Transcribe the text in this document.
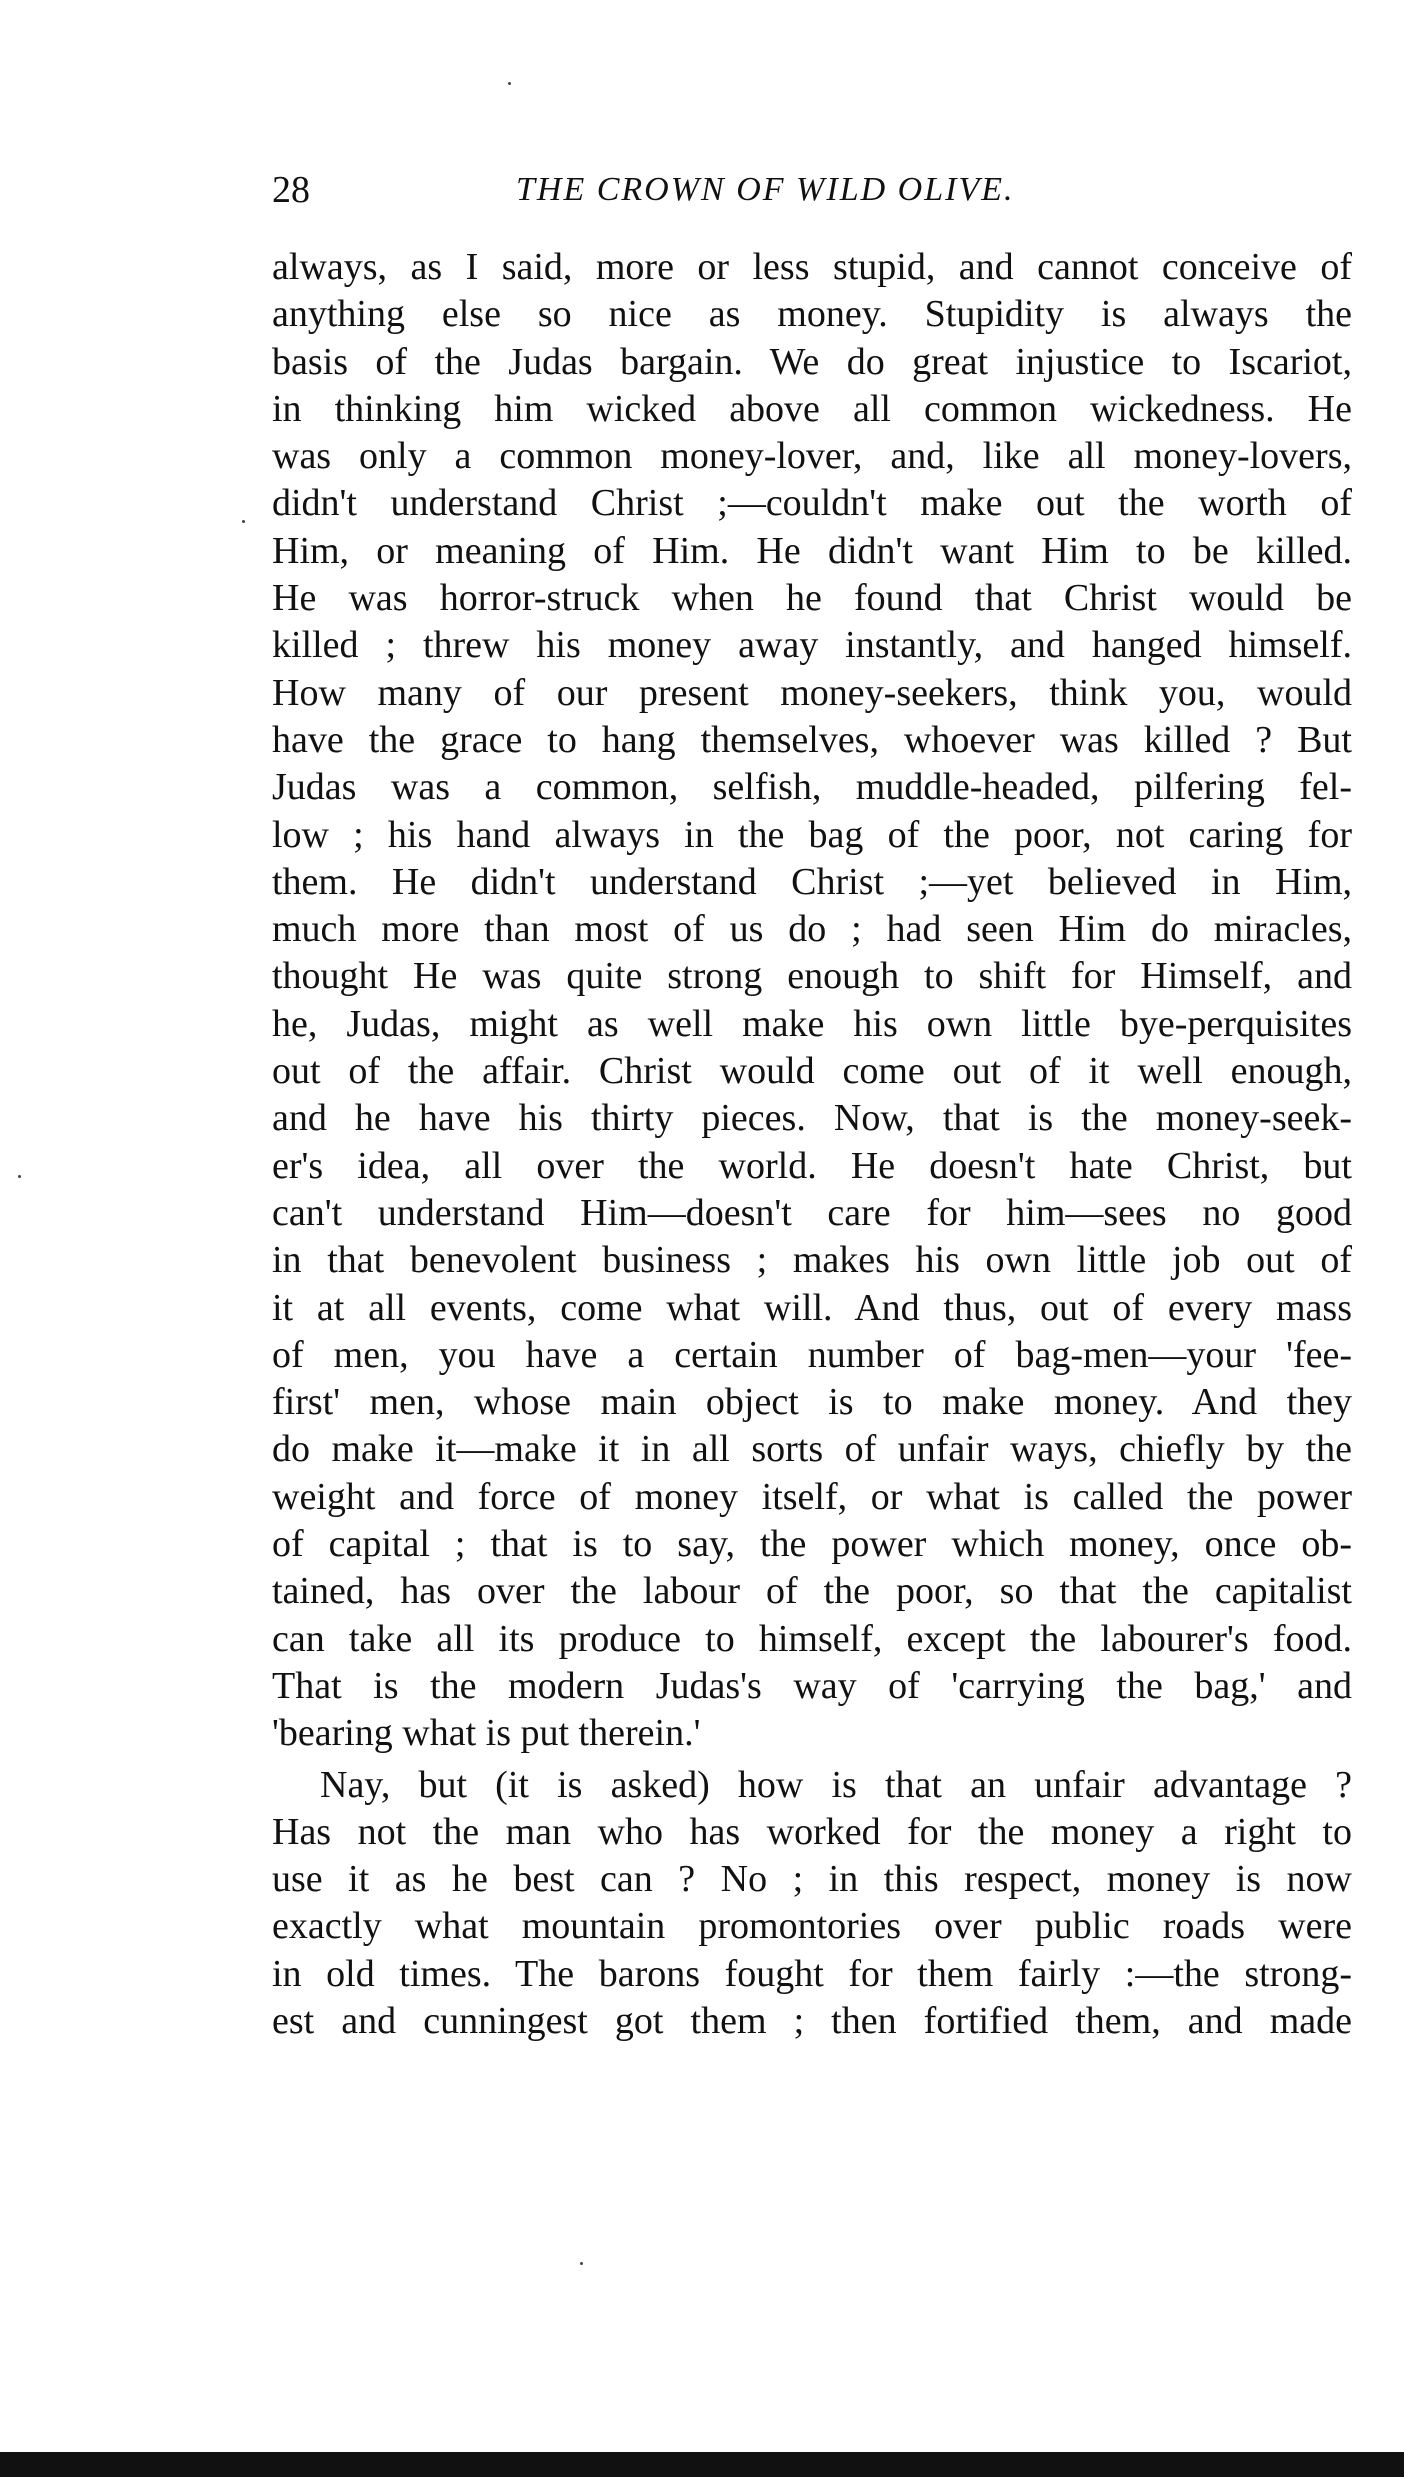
28	THE CROWN OF WILD OLIVE.
always, as I said, more or less stupid, and cannot conceive of
anything else so nice as money. Stupidity is always the
basis of the Judas bargain. We do great injustice to Iscariot,
in thinking him wicked above all common wickedness. He
was only a common money-lover, and, like all money-lovers,
didn't understand Christ ;—couldn't make out the worth of
Him, or meaning of Him. He didn't want Him to be killed.
He was horror-struck when he found that Christ would be
killed ; threw his money away instantly, and hanged himself.
How many of our present money-seekers, think you, would
have the grace to hang themselves, whoever was killed ? But
Judas was a common, selfish, muddle-headed, pilfering fel-
low ; his hand always in the bag of the poor, not caring for
them. He didn't understand Christ ;—yet believed in Him,
much more than most of us do ; had seen Him do miracles,
thought He was quite strong enough to shift for Himself, and
he, Judas, might as well make his own little bye-perquisites
out of the affair. Christ would come out of it well enough,
and he have his thirty pieces. Now, that is the money-seek-
er's idea, all over the world. He doesn't hate Christ, but
can't understand Him—doesn't care for him—sees no good
in that benevolent business ; makes his own little job out of
it at all events, come what will. And thus, out of every mass
of men, you have a certain number of bag-men—your 'fee-
first' men, whose main object is to make money. And they
do make it—make it in all sorts of unfair ways, chiefly by the
weight and force of money itself, or what is called the power
of capital ; that is to say, the power which money, once ob-
tained, has over the labour of the poor, so that the capitalist
can take all its produce to himself, except the labourer's food.
That is the modern Judas's way of 'carrying the bag,' and
'bearing what is put therein.'
Nay, but (it is asked) how is that an unfair advantage ?
Has not the man who has worked for the money a right to
use it as he best can ? No ; in this respect, money is now
exactly what mountain promontories over public roads were
in old times. The barons fought for them fairly :—the strong-
est and cunningest got them ; then fortified them, and made
